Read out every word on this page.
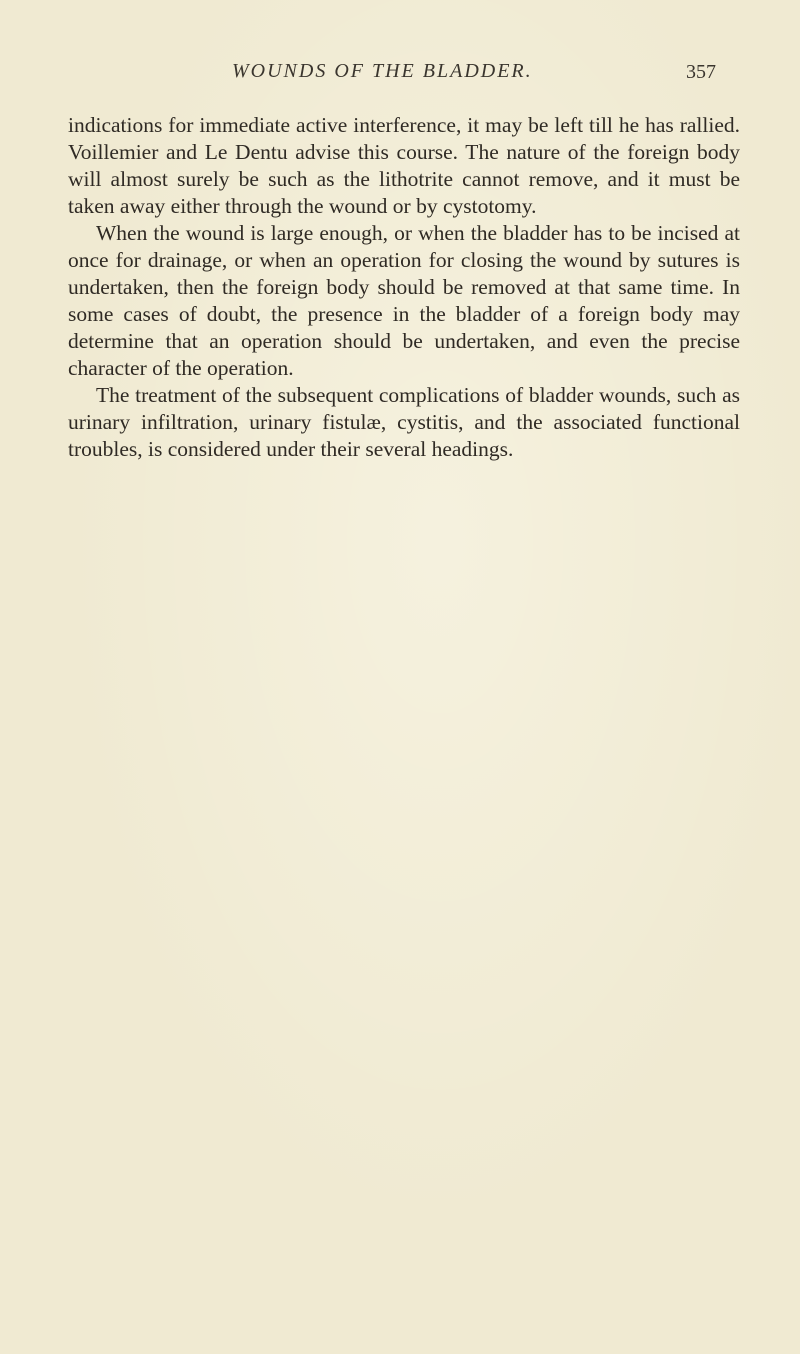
WOUNDS OF THE BLADDER.	357

indications for immediate active interference, it may be left till he has rallied. Voillemier and Le Dentu advise this course. The nature of the foreign body will almost surely be such as the lithotrite cannot remove, and it must be taken away either through the wound or by cystotomy.

When the wound is large enough, or when the bladder has to be incised at once for drainage, or when an operation for closing the wound by sutures is undertaken, then the foreign body should be removed at that same time. In some cases of doubt, the presence in the bladder of a foreign body may determine that an operation should be undertaken, and even the precise character of the operation.

The treatment of the subsequent complications of bladder wounds, such as urinary infiltration, urinary fistulæ, cystitis, and the associated functional troubles, is considered under their several headings.
